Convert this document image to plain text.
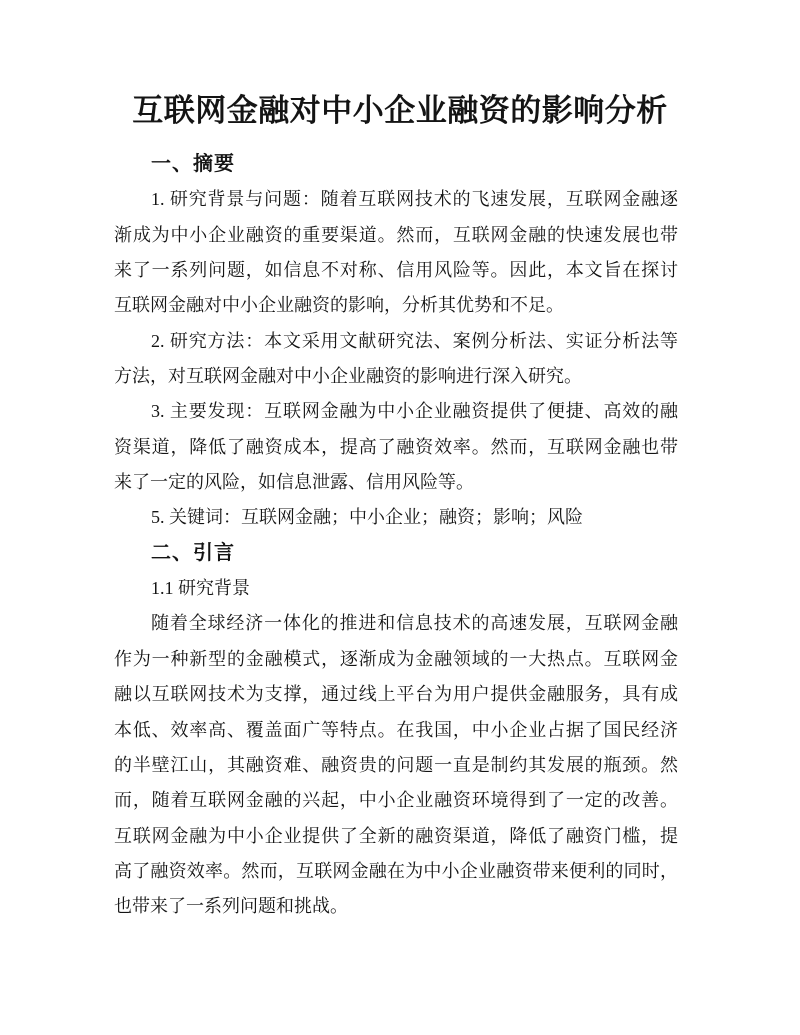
互联网金融对中小企业融资的影响分析
一、摘要
1. 研究背景与问题：随着互联网技术的飞速发展，互联网金融逐
渐成为中小企业融资的重要渠道。然而，互联网金融的快速发展也带
来了一系列问题，如信息不对称、信用风险等。因此，本文旨在探讨
互联网金融对中小企业融资的影响，分析其优势和不足。
2. 研究方法：本文采用文献研究法、案例分析法、实证分析法等
方法，对互联网金融对中小企业融资的影响进行深入研究。
3. 主要发现：互联网金融为中小企业融资提供了便捷、高效的融
资渠道，降低了融资成本，提高了融资效率。然而，互联网金融也带
来了一定的风险，如信息泄露、信用风险等。
5. 关键词：互联网金融；中小企业；融资；影响；风险
二、引言
1.1 研究背景
随着全球经济一体化的推进和信息技术的高速发展，互联网金融
作为一种新型的金融模式，逐渐成为金融领域的一大热点。互联网金
融以互联网技术为支撑，通过线上平台为用户提供金融服务，具有成
本低、效率高、覆盖面广等特点。在我国，中小企业占据了国民经济
的半壁江山，其融资难、融资贵的问题一直是制约其发展的瓶颈。然
而，随着互联网金融的兴起，中小企业融资环境得到了一定的改善。
互联网金融为中小企业提供了全新的融资渠道，降低了融资门槛，提
高了融资效率。然而，互联网金融在为中小企业融资带来便利的同时，
也带来了一系列问题和挑战。
